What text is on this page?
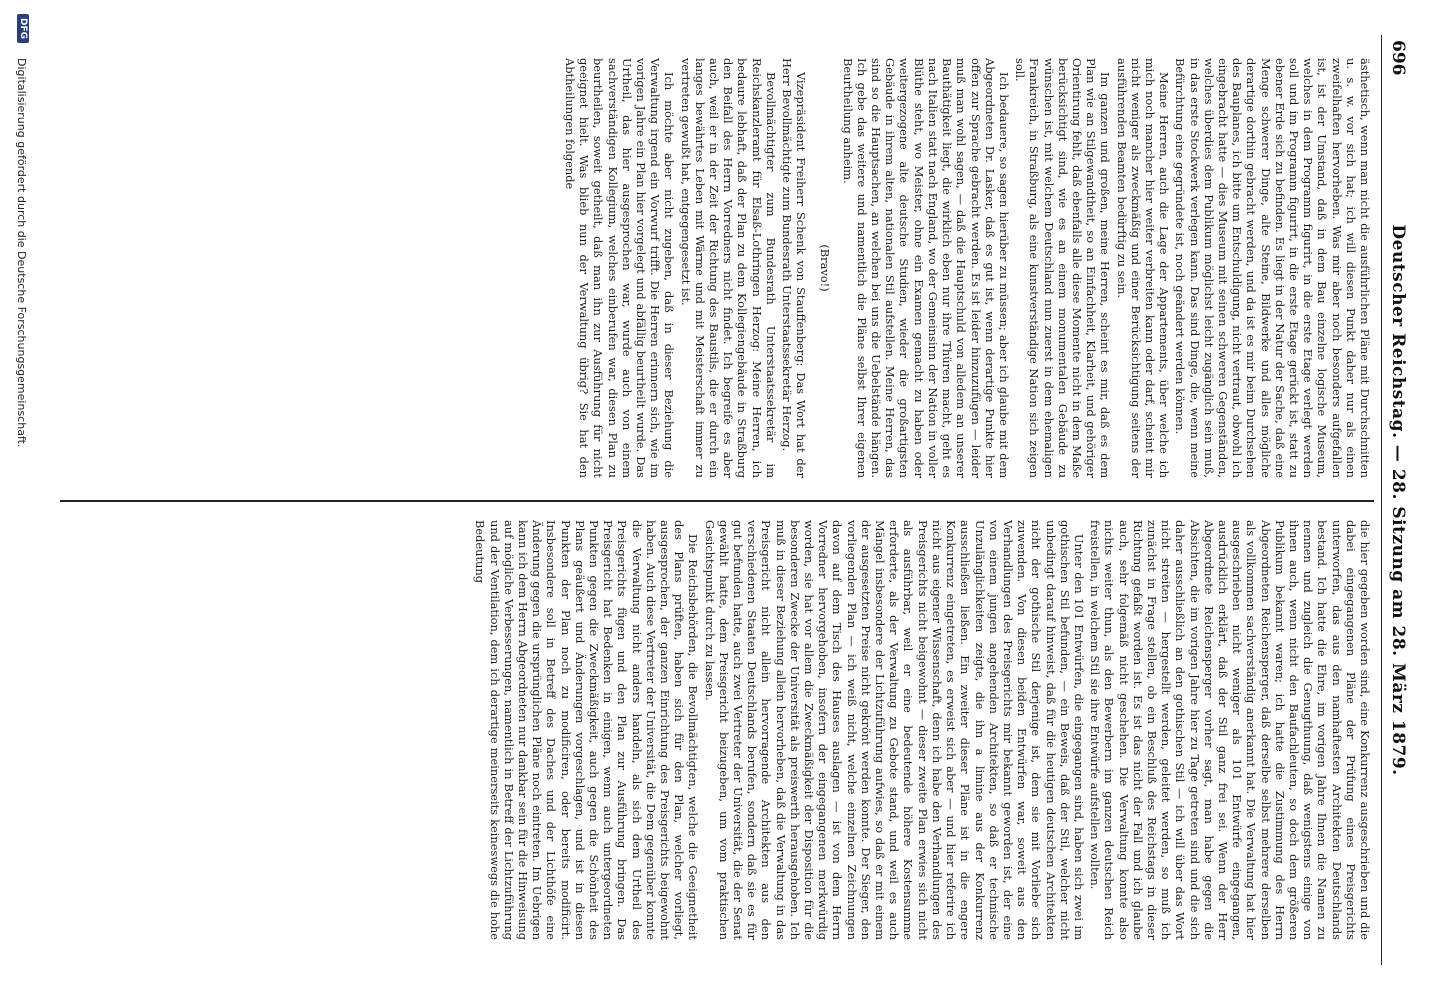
696
Deutscher Reichstag. — 28. Sitzung am 28. März 1879.

ästhetisch, wenn man nicht die ausführlichen Pläne mit Durchschnitten u. s. w. vor sich hat; ich will diesen Punkt daher nur als einen zweifelhaften hervorheben. Was mir aber noch besonders aufgefallen ist, ist der Umstand, daß in dem Bau einzelne logische Museum, welches in dem Programm figurirt, in die erste Etage verlegt werden soll und im Programm figurirt, in die erste Etage gerückt ist, statt zu ebener Erde sich zu befinden. Es liegt in der Natur der Sache, daß eine Menge schwerer Dinge, alte Steine, Bildwerke und alles mögliche derartige dorthin gebracht werden, und da ist es mir beim Durchsehen des Bauplanes, ich bitte um Entschuldigung, nicht vertraut, obwohl ich eingebracht hatte — dies Museum mit seinen schweren Gegenständen, welches überdies dem Publikum möglichst leicht zugänglich sein muß, in das erste Stockwerk verlegen kann. Das sind Dinge, die, wenn meine Befürchtung eine gegründete ist, noch geändert werden können.

Meine Herren, auch die Lage der Appartements, über welche ich mich noch mancher hier weiter verbreiten kann oder darf, scheint mir nicht weniger als zweckmäßig und einer Berücksichtigung seitens der ausführenden Beamten bedürftig zu sein.

Im ganzen und großen, meine Herren, scheint es mir, daß es dem Plan wie an Stilgewandtheit, so an Einfachheit, Klarheit, und gehöriger Orientirung fehlt, daß ebenfalls alle diese Momente nicht in dem Maße berücksichtigt sind, wie es an einem monumentalen Gebäude zu wünschen ist, mit welchem Deutschland nun zuerst in dem ehemaligen Frankreich, in Straßburg, als eine kunstverständige Nation sich zeigen soll.

Ich bedauere, so sagen hierüber zu müssen; aber ich glaube mit dem Abgeordneten Dr. Lasker, daß es gut ist, wenn derartige Punkte hier offen zur Sprache gebracht werden. Es ist leider hinzuzufügen — leider muß man wohl sagen, — daß die Hauptschuld von alledem an unserer Bauthätigkeit liegt, die wirklich eben nur ihre Thüren macht, geht es nach Italien statt nach England, wo der Gemeinsinn der Nation in voller Blüthe steht, wo Meister, ohne ein Examen gemacht zu haben oder weitergezogene alte deutsche Studien, wieder die großartigsten Gebäude in ihrem alten, nationalen Stil aufstellen. Meine Herren, das sind so die Hauptsachen, an welchen bei uns die Uebelstände hängen. Ich gebe das weitere und namentlich die Pläne selbst Ihrer eigenen Beurtheilung anheim.

(Bravo!)

Vizepräsident Freiherr Schenk von Stauffenberg: Das Wort hat der Herr Bevollmächtigte zum Bundesrath Unterstaatssekretär Herzog.

Bevollmächtigter zum Bundesrath Unterstaatssekretär im Reichskanzleramt für Elsaß-Lothringen Herzog: Meine Herren, ich bedaure lebhaft, daß der Plan zu dem Kollegiengebäude in Straßburg den Beifall des Herrn Vorredners nicht findet. Ich begreife es aber auch, weil er in der Zeit der Richtung des Baustils, die er durch ein langes bewährtes Leben mit Wärme und mit Meisterschaft immer zu vertreten gewußt hat, entgegengesetzt ist.

Ich möchte aber nicht zugeben, daß in dieser Beziehung die Verwaltung irgend ein Vorwurf trifft. Die Herren erinnern sich, wie im vorigen Jahre ein Plan hier vorgelegt und abfällig beurtheilt wurde. Das Urtheil, das hier ausgesprochen war, wurde auch von einem sachverständigen Kollegium, welches einberufen war, diesen Plan zu beurtheilen, soweit getheilt, daß man ihn zur Ausführung für nicht geeignet hielt. Was blieb nun der Verwaltung übrig? Sie hat den Abtheilungen folgende

die hier gegeben worden sind, eine Konkurrenz ausgeschrieben und die dabei eingegangenen Pläne der Prüfung eines Preisgerichts unterworfen, das aus den namhaftesten Architekten Deutschlands bestand. Ich hatte die Ehre, im vorigen Jahre Ihnen die Namen zu nennen und zugleich die Genugthuung, daß wenigstens einige von ihnen auch, wenn nicht den Baufachleuten, so doch dem größeren Publikum bekannt waren; ich hatte die Zustimmung des Herrn Abgeordneten Reichensperger, daß derselbe selbst mehrere derselben als vollkommen sachverständig anerkannt hat. Die Verwaltung hat hier ausgeschrieben nicht weniger als 101 Entwürfe eingegangen, ausdrücklich erklärt, daß der Stil ganz frei sei. Wenn der Herr Abgeordnete Reichensperger vorher sagt, man habe gegen die Absichten, die im vorigen Jahre hier zu Tage getreten sind und die sich daher ausschließlich an den gothischen Stil — ich will über das Wort nicht streiten — hergestellt werden, geleitet werden, so muß ich zunächst in Frage stellen, ob ein Beschluß des Reichstags in dieser Richtung gefaßt worden ist. Es ist das nicht der Fall und ich glaube auch, sehr folgemäß nicht geschehen. Die Verwaltung konnte also nichts weiter thun, als den Bewerbern im ganzen deutschen Reich freistellen, in welchem Stil sie ihre Entwürfe aufstellen wollten.

Unter den 101 Entwürfen, die eingegangen sind, haben sich zwei im gothischen Stil befunden, — ein Beweis, daß der Stil, welcher nicht unbedingt darauf hinweist, daß für die heutigen deutschen Architekten nicht der gothische Stil derjenige ist, dem sie mit Vorliebe sich zuwenden. Von diesen beiden Entwürfen war, soweit aus den Verhandlungen des Preisgerichts mir bekannt geworden ist, der eine von einem jungen angehenden Architekten, so daß er technische Unzulänglichkeiten zeigte, die ihn a limine aus der Konkurrenz ausschließen ließen. Ein zweiter dieser Pläne ist in die engere Konkurrenz eingetreten, es erweist sich aber — und hier referire ich nicht aus eigener Wissenschaft, denn ich habe den Verhandlungen des Preisgerichts nicht beigewohnt — dieser zweite Plan erwies sich nicht als ausführbar, weil er eine bedeutende höhere Kostensumme erforderte, als der Verwaltung zu Gebote stand, und weil es auch Mängel insbesondere der Lichtzuführung aufwies, so daß er mit einem der ausgesetzten Preise nicht gekrönt werden konnte. Der Sieger, den vorliegenden Plan — ich weiß nicht, welche einzelnen Zeichnungen davon auf dem Tisch des Hauses auslagen — ist von dem Herrn Vorredner hervorgehoben, insofern der eingegangenen merkwürdig worden, sie hat vor allem die Zweckmäßigkeit der Disposition für die besonderen Zwecke der Universität als preiswerth herausgehoben. Ich muß in dieser Beziehung allein hervorheben, daß die Verwaltung in das Preisgericht nicht allein hervorragende Architekten aus den verschiedenen Staaten Deutschlands berufen, sondern daß sie es für gut befunden hatte, auch zwei Vertreter der Universität, die der Senat gewählt hatte, dem Preisgericht beizugeben, um vom praktischen Gesichtspunkt durch zu lassen.

Die Reichsbehörden, die Bevollmächtigten, welche die Geeignetheit des Plans prüften, haben sich für den Plan, welcher vorliegt, ausgesprochen, der ganzen Einrichtung des Preisgerichts beigewohnt haben. Auch diese Vertreter der Universität, die Dem gegenüber konnte die Verwaltung nicht anders handeln, als sich dem Urtheil des Preisgerichts fügen und den Plan zur Ausführung bringen. Das Preisgericht hat Bedenken in einigen, wenn auch untergeordneten Punkten gegen die Zweckmäßigkeit, auch gegen die Schönheit des Plans geäußert und Änderungen vorgeschlagen, und ist in diesen Punkten der Plan noch zu modificiren, oder bereits modificirt. Insbesondere soll in Betreff des Daches und der Lichthöfe eine Änderung gegen die ursprünglichen Pläne noch eintreten. Im Uebrigen kann ich dem Herrn Abgeordneten nur dankbar sein für die Hinweisung auf mögliche Verbesserungen, namentlich in Betreff der Lichtzuführung und der Ventilation, dem ich derartige meinerseits keineswegs die hohe Bedeutung

DFG
Digitalisierung gefördert durch die Deutsche Forschungsgemeinschaft.
